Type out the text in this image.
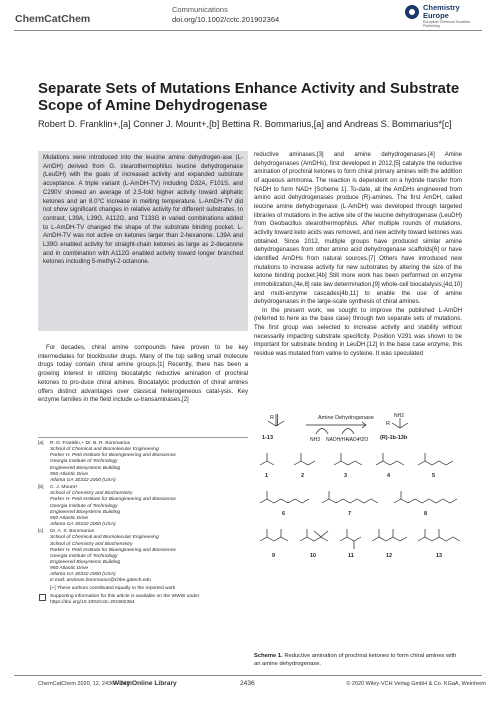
ChemCatChem
Communications
doi.org/10.1002/cctc.201902364
Chemistry Europe
European Chemical Societies Publishing
Separate Sets of Mutations Enhance Activity and Substrate Scope of Amine Dehydrogenase
Robert D. Franklin+,[a] Conner J. Mount+,[b] Bettina R. Bommarius,[a] and Andreas S. Bommarius*[c]
Mutations were introduced into the leucine amine dehydrogen-ase (L-AmDH) derived from G. stearothermophilus leucine dehydrogenase (LeuDH) with the goals of increased activity and expanded substrate acceptance. A triple variant (L-AmDH-TV) including D32A, F101S, and C290V showed an average of 2.5-fold higher activity toward aliphatic ketones and an 8.0°C increase in melting temperature. L-AmDH-TV did not show significant changes in relative activity for different substrates. In contrast, L39A, L39G, A112G, and T133G in varied combinations added to L-AmDH-TV changed the shape of the substrate binding pocket. L-AmDH-TV was not active on ketones larger than 2-hexanone. L39A and L39G enabled activity for straight-chain ketones as large as 2-decanone and in combination with A112G enabled activity toward longer branched ketones including 5-methyl-2-octanone.

For decades, chiral amine compounds have proven to be key intermediates for blockbuster drugs. Many of the top selling small molecule drugs today contain chiral amine groups.[1] Recently, there has been a growing interest in utilizing biocatalytic reductive amination of prochiral ketones to pro-duce chiral amines. Biocatalytic production of chiral amines offers distinct advantages over classical heterogeneous catal-ysis. Key enzyme families in the field include ω-transaminases,[2]

[a] R. D. Franklin,+ Dr. B. R. Bommarius
School of Chemical and Biomolecular Engineering
Parker H. Petit Institute for Bioengineering and Bioscience
Georgia Institute of Technology
Engineered Biosystems Building
950 Atlantic Drive
Atlanta GA 30332-2000 (USA)
[b] C. J. Mount+
School of Chemistry and Biochemistry
Parker H. Petit Institute for Bioengineering and Bioscience
Georgia Institute of Technology
Engineered Biosystems Building
950 Atlantic Drive
Atlanta GA 30332-2000 (USA)
[c] Dr. A. S. Bommarius
School of Chemical and Biomolecular Engineering
School of Chemistry and Biochemistry
Parker H. Petit Institute for Bioengineering and Bioscience
Georgia Institute of Technology
Engineered Biosystems Building
950 Atlantic Drive
Atlanta GA 30332-2000 (USA)
E-mail: andreas.bommarius@chbe.gatech.edu
[+] These authors contributed equally to the reported work
Supporting information for this article is available on the WWW under https://doi.org/10.1002/cctc.201902364

reductive aminases,[3] and amine dehydrogenases.[4] Amine dehydrogenases (AmDHs), first developed in 2012,[5] catalyze the reductive amination of prochiral ketones to form chiral primary amines with the addition of aqueous ammonia. The reaction is dependent on a hydride transfer from NADH to form NAD+ [Scheme 1]. To-date, all the AmDHs engineered from amino acid dehydrogenases produce (R)-amines. The first AmDH, called leucine amine dehydrogenase (L-AmDH) was developed through targeted libraries of mutations in the active site of the leucine dehydrogenase (LeuDH) from Geobacillus stearothermophilus. After multiple rounds of mutations, activity toward keto acids was removed, and new activity toward ketones was obtained. Since 2012, multiple groups have produced similar amine dehydrogenases from other amino acid dehydrogenase scaffolds[6] or have identified AmDHs from natural sources.[7] Others have introduced new mutations to increase activity for new substrates by altering the size of the ketone binding pocket.[4b] Still more work has been performed on enzyme immobilization,[4e,8] rate law determination,[9] whole-cell biocatalysis,[4d,10] and multi-enzyme cascades[4b,11] to enable the use of amine dehydrogenases in the large-scale synthesis of chiral amines.

In the present work, we sought to improve the published L-AmDH (referred to here as the base case) through two separate sets of mutations. The first group was selected to increase activity and stability without necessarily impacting substrate specificity. Position V291 was shown to be important for substrate binding in LeuDH.[12] In the base case enzyme, this residue was mutated from valine to cysteine. It was speculated

R	Amine Dehydrogenase
1-13	NH3 NADH/H+
NAD+
H2O
NH2
R
(R)-1b-13b
1	2	3	4	5
6	7	8
9	10	11	12	13
Scheme 1. Reductive amination of prochiral ketones to form chiral amines with an amine dehydrogenase.
ChemCatChem 2020, 12, 2436 – 2439
Wiley Online Library	2436	© 2020 Wiley-VCH Verlag GmbH & Co. KGaA, Weinheim
